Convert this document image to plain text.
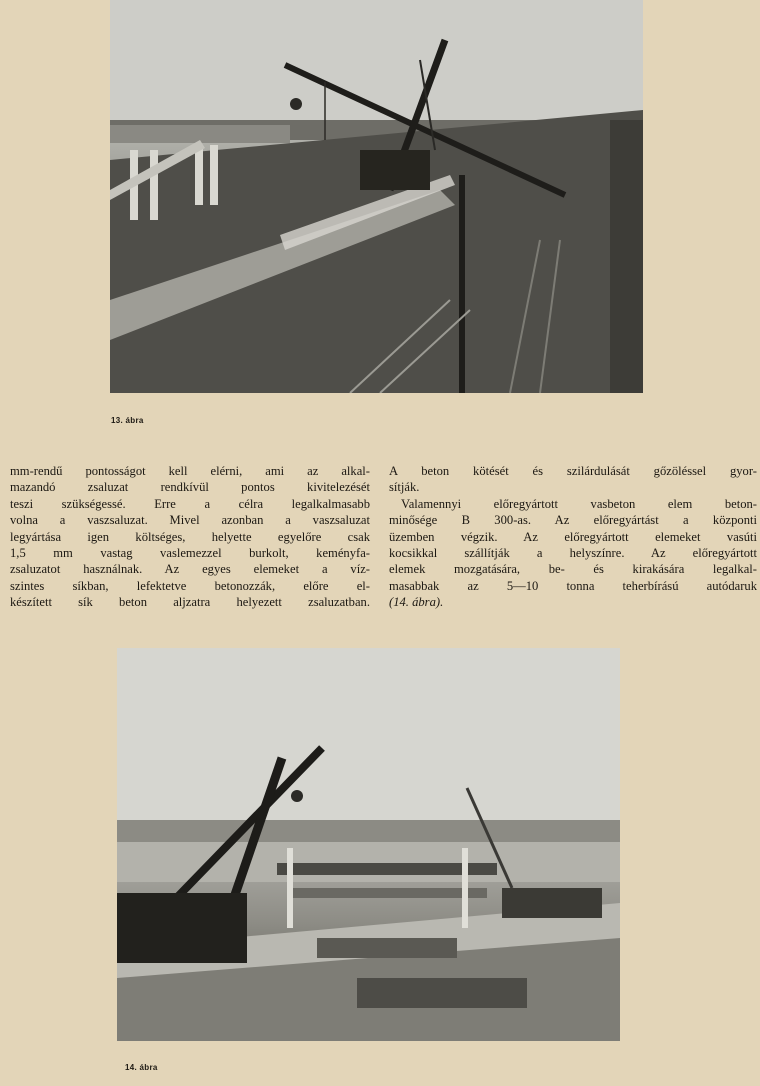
13. ábra

mm-rendű pontosságot kell elérni, ami az alkal-
mazandó zsaluzat rendkívül pontos kivitelezését
teszi szükségessé. Erre a célra legalkalmasabb
volna a vaszsaluzat. Mivel azonban a vaszsaluzat
legyártása igen költséges, helyette egyelőre csak
1,5 mm vastag vaslemezzel burkolt, keményfa-
zsaluzatot használnak. Az egyes elemeket a víz-
szintes síkban, lefektetve betonozzák, előre el-
készített sík beton aljzatra helyezett zsaluzatban.

A beton kötését és szilárdulását gőzöléssel gyor-
sítják.

Valamennyi előregyártott vasbeton elem beton-
minősége B 300-as. Az előregyártást a központi
üzemben végzik. Az előregyártott elemeket vasúti
kocsikkal szállítják a helyszínre. Az előregyártott
elemek mozgatására, be- és kirakására legalkal-
masabbak az 5—10 tonna teherbírású autódaruk
(14. ábra).

14. ábra
